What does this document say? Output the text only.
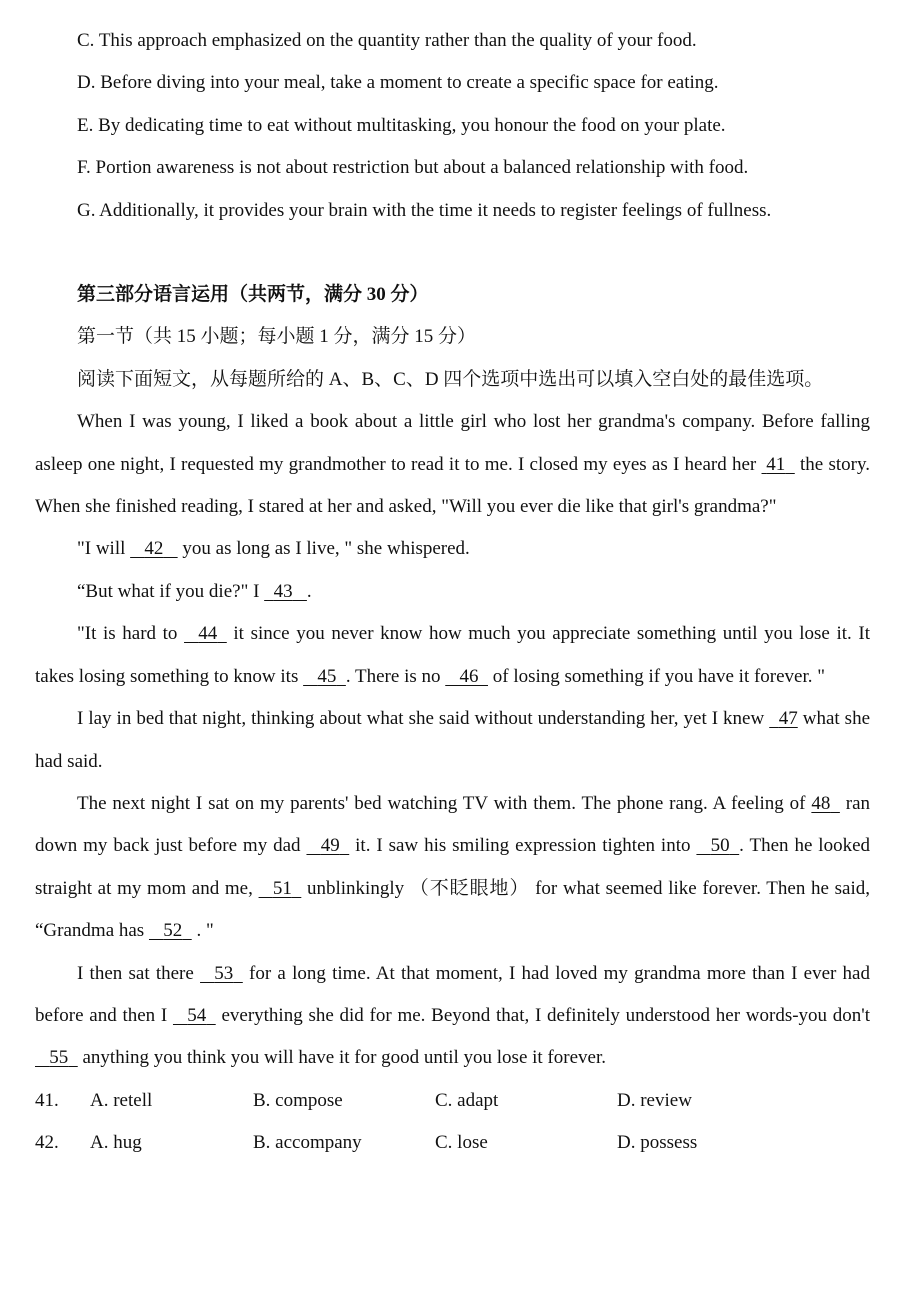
C. This approach emphasized on the quantity rather than the quality of your food.
D. Before diving into your meal, take a moment to create a specific space for eating.
E. By dedicating time to eat without multitasking, you honour the food on your plate.
F. Portion awareness is not about restriction but about a balanced relationship with food.
G. Additionally, it provides your brain with the time it needs to register feelings of fullness.
第三部分语言运用（共两节，满分 30 分）
第一节（共 15 小题；每小题 1 分，满分 15 分）
阅读下面短文，从每题所给的 A、B、C、D 四个选项中选出可以填入空白处的最佳选项。
When I was young, I liked a book about a little girl who lost her grandma's company. Before falling asleep one night, I requested my grandmother to read it to me. I closed my eyes as I heard her  41   the story. When she finished reading, I stared at her and asked, "Will you ever die like that girl's grandma?"
"I will    42    you as long as I live, " she whispered.
“But what if you die?" I   43 .
"It is hard to    44   it since you never know how much you appreciate something until you lose it. It takes losing something to know its    45 . There is no    46   of losing something if you have it forever. "
I lay in bed that night, thinking about what she said without understanding her, yet I knew   47 what she had said.
The next night I sat on my parents' bed watching TV with them. The phone rang. A feeling of 48   ran down my back just before my dad    49   it. I saw his smiling expression tighten into    50 . Then he looked straight at my mom and me,    51   unblinkingly （不眨眼地） for what seemed like forever. Then he said, “Grandma has    52   . "
I then sat there    53   for a long time. At that moment, I had loved my grandma more than I ever had before and then I    54   everything she did for me. Beyond that, I definitely understood her words-you don't    55   anything you think you will have it for good until you lose it forever.
41.	A. retell	B. compose	C. adapt	D. review
42.	A. hug	B. accompany	C. lose	D. possess
